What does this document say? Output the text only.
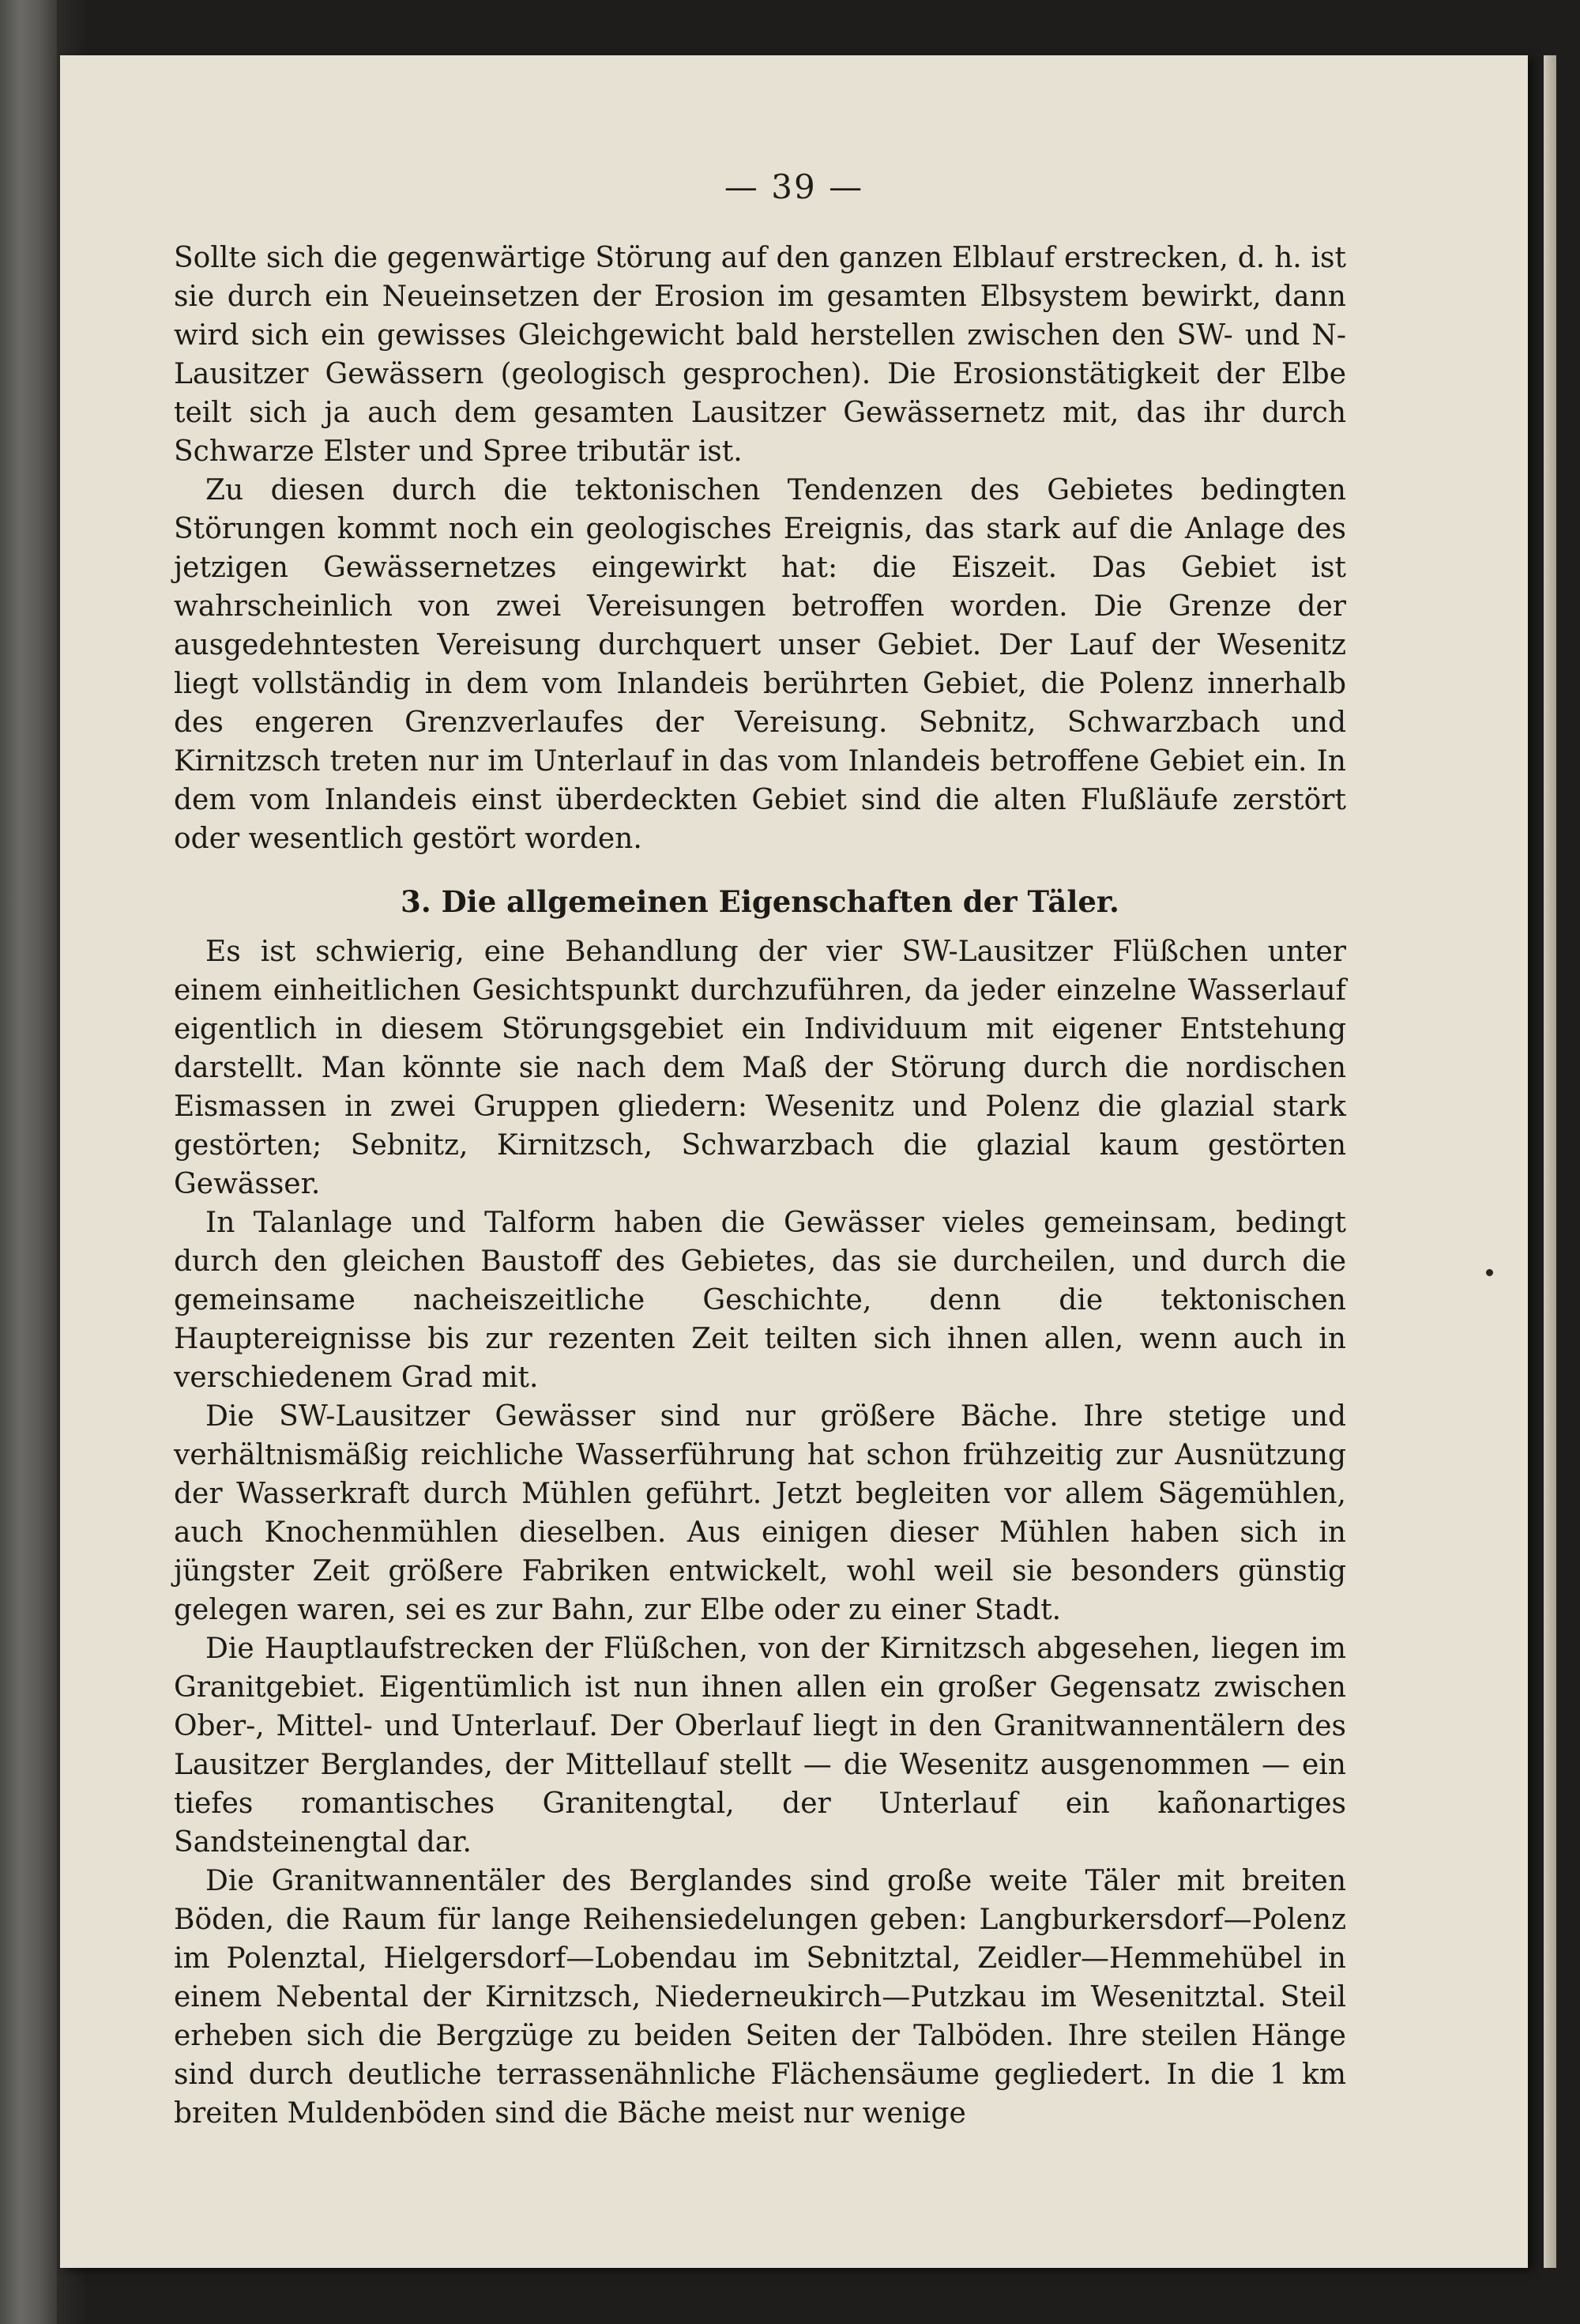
— 39 —

Sollte sich die gegenwärtige Störung auf den ganzen Elblauf erstrecken, d. h. ist sie durch ein Neueinsetzen der Erosion im gesamten Elbsystem bewirkt, dann wird sich ein gewisses Gleichgewicht bald herstellen zwischen den SW- und N-Lausitzer Gewässern (geologisch gesprochen). Die Erosionstätigkeit der Elbe teilt sich ja auch dem gesamten Lausitzer Gewässernetz mit, das ihr durch Schwarze Elster und Spree tributär ist.

Zu diesen durch die tektonischen Tendenzen des Gebietes bedingten Störungen kommt noch ein geologisches Ereignis, das stark auf die Anlage des jetzigen Gewässernetzes eingewirkt hat: die Eiszeit. Das Gebiet ist wahrscheinlich von zwei Vereisungen betroffen worden. Die Grenze der ausgedehntesten Vereisung durchquert unser Gebiet. Der Lauf der Wesenitz liegt vollständig in dem vom Inlandeis berührten Gebiet, die Polenz innerhalb des engeren Grenzverlaufes der Vereisung. Sebnitz, Schwarzbach und Kirnitzsch treten nur im Unterlauf in das vom Inlandeis betroffene Gebiet ein. In dem vom Inlandeis einst überdeckten Gebiet sind die alten Flußläufe zerstört oder wesentlich gestört worden.

3. Die allgemeinen Eigenschaften der Täler.

Es ist schwierig, eine Behandlung der vier SW-Lausitzer Flüßchen unter einem einheitlichen Gesichtspunkt durchzuführen, da jeder einzelne Wasserlauf eigentlich in diesem Störungsgebiet ein Individuum mit eigener Entstehung darstellt. Man könnte sie nach dem Maß der Störung durch die nordischen Eismassen in zwei Gruppen gliedern: Wesenitz und Polenz die glazial stark gestörten; Sebnitz, Kirnitzsch, Schwarzbach die glazial kaum gestörten Gewässer.

In Talanlage und Talform haben die Gewässer vieles gemeinsam, bedingt durch den gleichen Baustoff des Gebietes, das sie durcheilen, und durch die gemeinsame nacheiszeitliche Geschichte, denn die tektonischen Hauptereignisse bis zur rezenten Zeit teilten sich ihnen allen, wenn auch in verschiedenem Grad mit.

Die SW-Lausitzer Gewässer sind nur größere Bäche. Ihre stetige und verhältnismäßig reichliche Wasserführung hat schon frühzeitig zur Ausnützung der Wasserkraft durch Mühlen geführt. Jetzt begleiten vor allem Sägemühlen, auch Knochenmühlen dieselben. Aus einigen dieser Mühlen haben sich in jüngster Zeit größere Fabriken entwickelt, wohl weil sie besonders günstig gelegen waren, sei es zur Bahn, zur Elbe oder zu einer Stadt.

Die Hauptlaufstrecken der Flüßchen, von der Kirnitzsch abgesehen, liegen im Granitgebiet. Eigentümlich ist nun ihnen allen ein großer Gegensatz zwischen Ober-, Mittel- und Unterlauf. Der Oberlauf liegt in den Granitwannentälern des Lausitzer Berglandes, der Mittellauf stellt — die Wesenitz ausgenommen — ein tiefes romantisches Granitengtal, der Unterlauf ein kañonartiges Sandsteinengtal dar.

Die Granitwannentäler des Berglandes sind große weite Täler mit breiten Böden, die Raum für lange Reihensiedelungen geben: Langburkersdorf—Polenz im Polenztal, Hielgersdorf—Lobendau im Sebnitztal, Zeidler—Hemmehübel in einem Nebental der Kirnitzsch, Niederneukirch—Putzkau im Wesenitztal. Steil erheben sich die Bergzüge zu beiden Seiten der Talböden. Ihre steilen Hänge sind durch deutliche terrassenähnliche Flächensäume gegliedert. In die 1 km breiten Muldenböden sind die Bäche meist nur wenige
